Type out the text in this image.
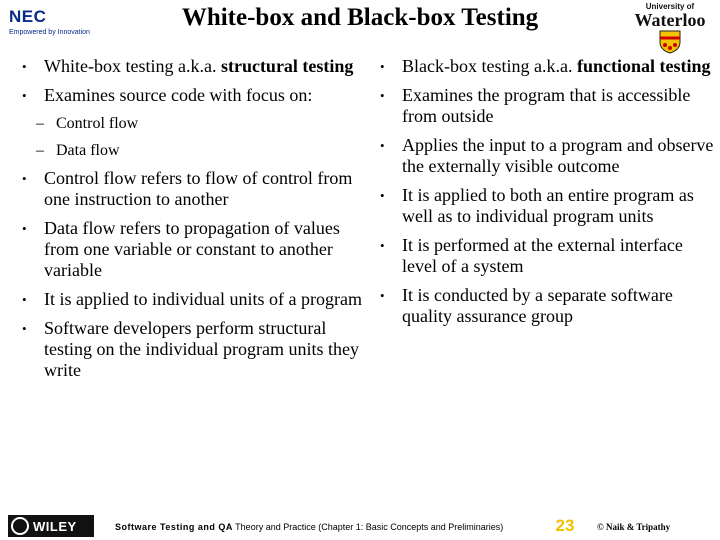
NEC
Empowered by Innovation
White-box and Black-box Testing	University of
Waterloo
• White-box testing a.k.a. structural testing
• Examines source code with focus on:
– Control flow
– Data flow
• Control flow refers to flow of control from one instruction to another
• Data flow refers to propagation of values from one variable or constant to another variable
• It is applied to individual units of a program
• Software developers perform structural testing on the individual program units they write
• Black-box testing a.k.a. functional testing
• Examines the program that is accessible from outside
• Applies the input to a program and observe the externally visible outcome
• It is applied to both an entire program as well as to individual program units
• It is performed at the external interface level of a system
• It is conducted by a separate software quality assurance group
WILEY	Software Testing and QA Theory and Practice (Chapter 1: Basic Concepts and Preliminaries)	23	© Naik & Tripathy
